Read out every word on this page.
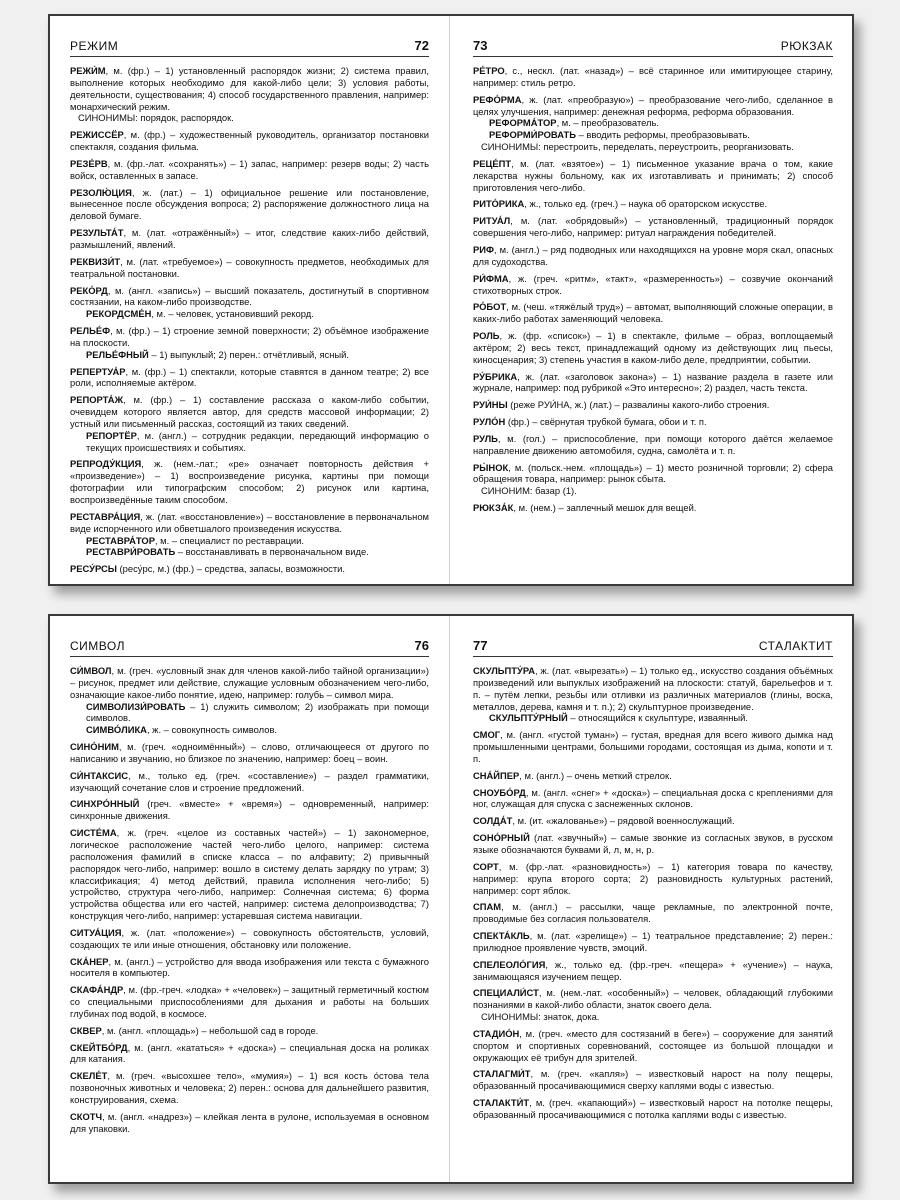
РЕЖИМ	72
РЕЖИ́М, м. (фр.) – 1) установленный распорядок жизни; 2) система правил, выполнение которых необходимо для какой-либо цели; 3) условия работы, деятельности, существования; 4) способ государственного правления, например: монархический режим.
СИНОНИМЫ: порядок, распорядок.
РЕЖИССЁР, м. (фр.) – художественный руководитель, организатор постановки спектакля, создания фильма.
РЕЗЕ́РВ, м. (фр.-лат. «сохранять») – 1) запас, например: резерв воды; 2) часть войск, оставленных в запасе.
РЕЗОЛЮ́ЦИЯ, ж. (лат.) – 1) официальное решение или постановление, вынесенное после обсуждения вопроса; 2) распоряжение должностного лица на деловой бумаге.
РЕЗУЛЬТА́Т, м. (лат. «отражённый») – итог, следствие каких-либо действий, размышлений, явлений.
РЕКВИЗИ́Т, м. (лат. «требуемое») – совокупность предметов, необходимых для театральной постановки.
РЕКО́РД, м. (англ. «запись») – высший показатель, достигнутый в спортивном состязании, на каком-либо производстве.
РЕКОРДСМЕ́Н, м. – человек, установивший рекорд.
РЕЛЬЕ́Ф, м. (фр.) – 1) строение земной поверхности; 2) объёмное изображение на плоскости.
РЕЛЬЕ́ФНЫЙ – 1) выпуклый; 2) перен.: отчётливый, ясный.
РЕПЕРТУА́Р, м. (фр.) – 1) спектакли, которые ставятся в данном театре; 2) все роли, исполняемые актёром.
РЕПОРТА́Ж, м. (фр.) – 1) составление рассказа о каком-либо событии, очевидцем которого является автор, для средств массовой информации; 2) устный или письменный рассказ, состоящий из таких сведений.
РЕПОРТЁР, м. (англ.) – сотрудник редакции, передающий информацию о текущих происшествиях и событиях.
РЕПРОДУ́КЦИЯ, ж. (нем.-лат.; «ре» означает повторность действия + «произведение») – 1) воспроизведение рисунка, картины при помощи фотографии или типографским способом; 2) рисунок или картина, воспроизведённые таким способом.
РЕСТАВРА́ЦИЯ, ж. (лат. «восстановление») – восстановление в первоначальном виде испорченного или обветшалого произведения искусства.
РЕСТАВРА́ТОР, м. – специалист по реставрации.
РЕСТАВРИ́РОВАТЬ – восстанавливать в первоначальном виде.
РЕСУ́РСЫ (ресу́рс, м.) (фр.) – средства, запасы, возможности.
73	РЮКЗАК
РЕ́ТРО, с., нескл. (лат. «назад») – всё старинное или имитирующее старину, например: стиль ретро.
РЕФО́РМА, ж. (лат. «преобразую») – преобразование чего-либо, сделанное в целях улучшения, например: денежная реформа, реформа образования.
РЕФОРМА́ТОР, м. – преобразователь.
РЕФОРМИ́РОВАТЬ – вводить реформы, преобразовывать.
СИНОНИМЫ: перестроить, переделать, переустроить, реорганизовать.
РЕЦЕ́ПТ, м. (лат. «взятое») – 1) письменное указание врача о том, какие лекарства нужны больному, как их изготавливать и принимать; 2) способ приготовления чего-либо.
РИТО́РИКА, ж., только ед. (греч.) – наука об ораторском искусстве.
РИТУА́Л, м. (лат. «обрядовый») – установленный, традиционный порядок совершения чего-либо, например: ритуал награждения победителей.
РИФ, м. (англ.) – ряд подводных или находящихся на уровне моря скал, опасных для судоходства.
РИ́ФМА, ж. (греч. «ритм», «такт», «размеренность») – созвучие окончаний стихотворных строк.
РО́БОТ, м. (чеш. «тяжёлый труд») – автомат, выполняющий сложные операции, в каких-либо работах заменяющий человека.
РОЛЬ, ж. (фр. «список») – 1) в спектакле, фильме – образ, воплощаемый актёром; 2) весь текст, принадлежащий одному из действующих лиц пьесы, киносценария; 3) степень участия в каком-либо деле, предприятии, событии.
РУ́БРИКА, ж. (лат. «заголовок закона») – 1) название раздела в газете или журнале, например: под рубрикой «Это интересно»; 2) раздел, часть текста.
РУИ́НЫ (реже РУИ́НА, ж.) (лат.) – развалины какого-либо строения.
РУЛО́Н (фр.) – свёрнутая трубкой бумага, обои и т. п.
РУЛЬ, м. (гол.) – приспособление, при помощи которого даётся желаемое направление движению автомобиля, судна, самолёта и т. п.
РЫ́НОК, м. (польск.-нем. «площадь») – 1) место розничной торговли; 2) сфера обращения товара, например: рынок сбыта.
СИНОНИМ: базар (1).
РЮКЗА́К, м. (нем.) – заплечный мешок для вещей.
СИМВОЛ	76
СИ́МВОЛ, м. (греч. «условный знак для членов какой-либо тайной организации») – рисунок, предмет или действие, служащие условным обозначением чего-либо, означающие какое-либо понятие, идею, например: голубь – символ мира.
СИМВОЛИЗИ́РОВАТЬ – 1) служить символом; 2) изображать при помощи символов.
СИМВО́ЛИКА, ж. – совокупность символов.
СИНО́НИМ, м. (греч. «одноимённый») – слово, отличающееся от другого по написанию и звучанию, но близкое по значению, например: боец – воин.
СИ́НТАКСИС, м., только ед. (греч. «составление») – раздел грамматики, изучающий сочетание слов и строение предложений.
СИНХРО́ННЫЙ (греч. «вместе» + «время») – одновременный, например: синхронные движения.
СИСТЕ́МА, ж. (греч. «целое из составных частей») – 1) закономерное, логическое расположение частей чего-либо целого, например: система расположения фамилий в списке класса – по алфавиту; 2) привычный распорядок чего-либо, например: вошло в систему делать зарядку по утрам; 3) классификация; 4) метод действий, правила исполнения чего-либо; 5) устройство, структура чего-либо, например: Солнечная система; 6) форма устройства общества или его частей, например: система делопроизводства; 7) конструкция чего-либо, например: устаревшая система навигации.
СИТУА́ЦИЯ, ж. (лат. «положение») – совокупность обстоятельств, условий, создающих те или иные отношения, обстановку или положение.
СКА́НЕР, м. (англ.) – устройство для ввода изображения или текста с бумажного носителя в компьютер.
СКАФА́НДР, м. (фр.-греч. «лодка» + «человек») – защитный герметичный костюм со специальными приспособлениями для дыхания и работы на больших глубинах под водой, в космосе.
СКВЕР, м. (англ. «площадь») – небольшой сад в городе.
СКЕЙТБО́РД, м. (англ. «кататься» + «доска») – специальная доска на роликах для катания.
СКЕЛЕ́Т, м. (греч. «высохшее тело», «мумия») – 1) вся кость о́стова тела позвоночных животных и человека; 2) перен.: основа для дальнейшего развития, конструирования, схема.
СКОТЧ, м. (англ. «надрез») – клейкая лента в рулоне, используемая в основном для упаковки.
77	СТАЛАКТИТ
СКУЛЬПТУ́РА, ж. (лат. «вырезать») – 1) только ед., искусство создания объёмных произведений или выпуклых изображений на плоскости: статуй, барельефов и т. п. – путём лепки, резьбы или отливки из различных материалов (глины, воска, металлов, дерева, камня и т. п.); 2) скульптурное произведение.
СКУЛЬПТУ́РНЫЙ – относящийся к скульптуре, изваянный.
СМОГ, м. (англ. «густой туман») – густая, вредная для всего живого дымка над промышленными центрами, большими городами, состоящая из дыма, копоти и т. п.
СНА́ЙПЕР, м. (англ.) – очень меткий стрелок.
СНОУБО́РД, м. (англ. «снег» + «доска») – специальная доска с креплениями для ног, служащая для спуска с заснеженных склонов.
СОЛДА́Т, м. (ит. «жалованье») – рядовой военнослужащий.
СОНО́РНЫЙ (лат. «звучный») – самые звонкие из согласных звуков, в русском языке обозначаются буквами й, л, м, н, р.
СОРТ, м. (фр.-лат. «разновидность») – 1) категория товара по качеству, например: крупа второго сорта; 2) разновидность культурных растений, например: сорт яблок.
СПАМ, м. (англ.) – рассылки, чаще рекламные, по электронной почте, проводимые без согласия пользователя.
СПЕКТА́КЛЬ, м. (лат. «зрелище») – 1) театральное представление; 2) перен.: прилюдное проявление чувств, эмоций.
СПЕЛЕОЛО́ГИЯ, ж., только ед. (фр.-греч. «пещера» + «учение») – наука, занимающаяся изучением пещер.
СПЕЦИАЛИ́СТ, м. (нем.-лат. «особенный») – человек, обладающий глубокими познаниями в какой-либо области, знаток своего дела.
СИНОНИМЫ: знаток, дока.
СТАДИО́Н, м. (греч. «место для состязаний в беге») – сооружение для занятий спортом и спортивных соревнований, состоящее из большой площадки и окружающих её трибун для зрителей.
СТАЛАГМИ́Т, м. (греч. «капля») – известковый нарост на полу пещеры, образованный просачивающимися сверху каплями воды с известью.
СТАЛАКТИ́Т, м. (греч. «капающий») – известковый нарост на потолке пещеры, образованный просачивающимися с потолка каплями воды с известью.
